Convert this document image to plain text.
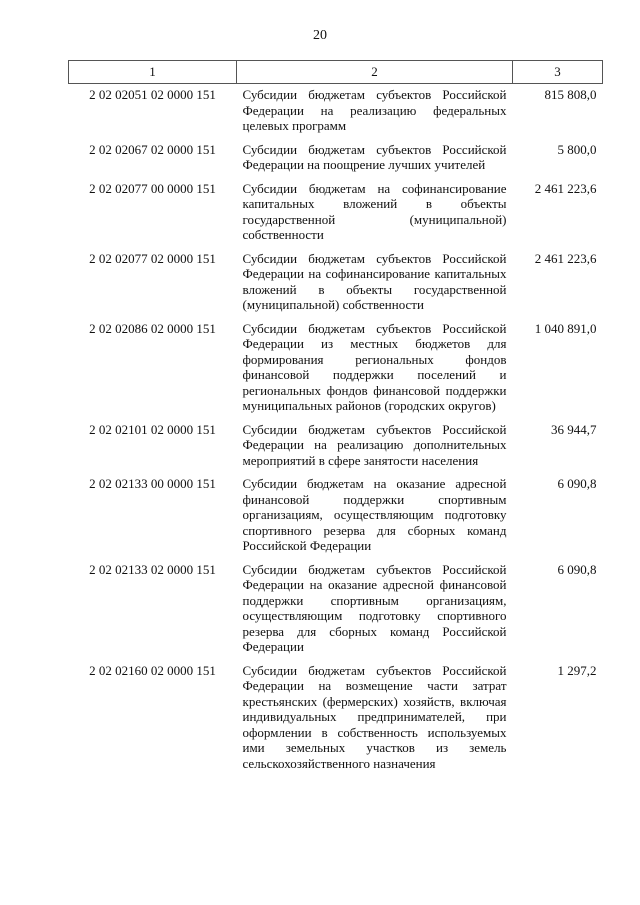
20
1	2	3
2 02 02051 02 0000 151	Субсидии бюджетам субъектов Российской Федерации на реализацию федеральных целевых программ	815 808,0
2 02 02067 02 0000 151	Субсидии бюджетам субъектов Российской Федерации на поощрение лучших учителей	5 800,0
2 02 02077 00 0000 151	Субсидии бюджетам на софинансирование капитальных вложений в объекты государственной (муниципальной) собственности	2 461 223,6
2 02 02077 02 0000 151	Субсидии бюджетам субъектов Российской Федерации на софинансирование капитальных вложений в объекты государственной (муниципальной) собственности	2 461 223,6
2 02 02086 02 0000 151	Субсидии бюджетам субъектов Российской Федерации из местных бюджетов для формирования региональных фондов финансовой поддержки поселений и региональных фондов финансовой поддержки муниципальных районов (городских округов)	1 040 891,0
2 02 02101 02 0000 151	Субсидии бюджетам субъектов Российской Федерации на реализацию дополнительных мероприятий в сфере занятости населения	36 944,7
2 02 02133 00 0000 151	Субсидии бюджетам на оказание адресной финансовой поддержки спортивным организациям, осуществляющим подготовку спортивного резерва для сборных команд Российской Федерации	6 090,8
2 02 02133 02 0000 151	Субсидии бюджетам субъектов Российской Федерации на оказание адресной финансовой поддержки спортивным организациям, осуществляющим подготовку спортивного резерва для сборных команд Российской Федерации	6 090,8
2 02 02160 02 0000 151	Субсидии бюджетам субъектов Российской Федерации на возмещение части затрат крестьянских (фермерских) хозяйств, включая индивидуальных предпринимателей, при оформлении в собственность используемых ими земельных участков из земель сельскохозяйственного назначения	1 297,2
